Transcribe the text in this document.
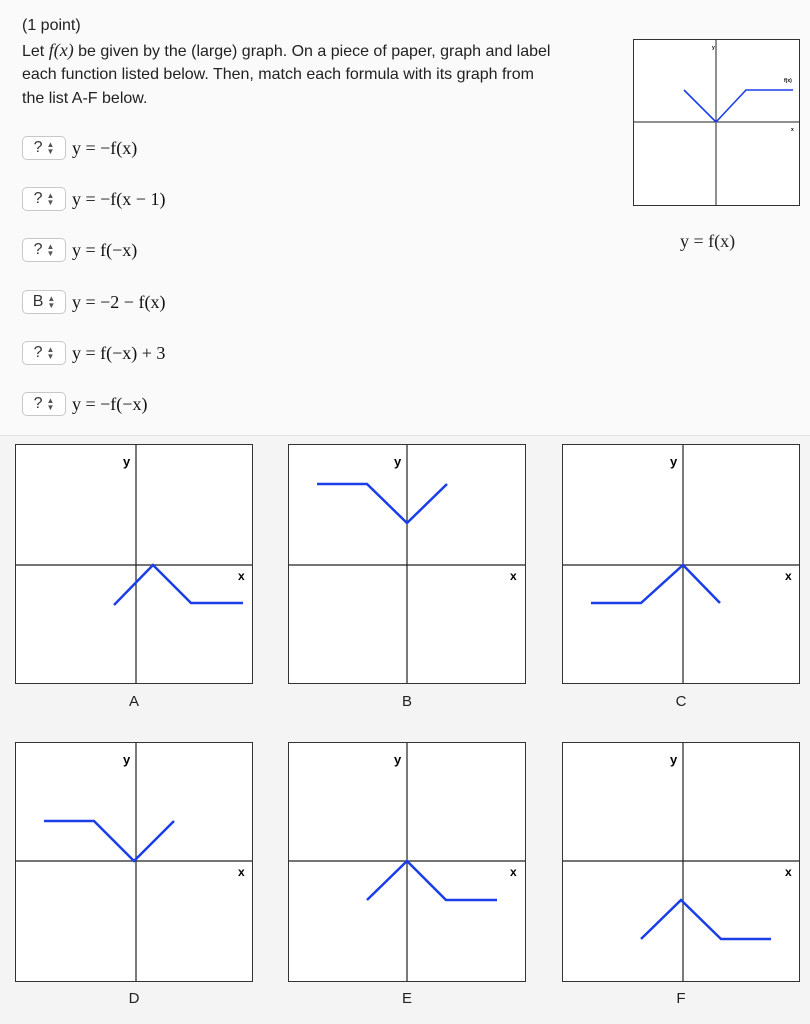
(1 point)
Let f(x) be given by the (large) graph. On a piece of paper, graph and label
each function listed below. Then, match each formula with its graph from
the list A-F below.
? ▲
▼ y = −f(x)
? ▲
▼ y = −f(x − 1)
? ▲
▼ y = f(−x)
B ▲
▼ y = −2 − f(x)
? ▲
▼ y = f(−x) + 3
? ▲
▼ y = −f(−x)
y
x
f(x)
y = f(x)
y
x
A
y
x
B
y
x
C
y
x
D
y
x
E
y
x
F
